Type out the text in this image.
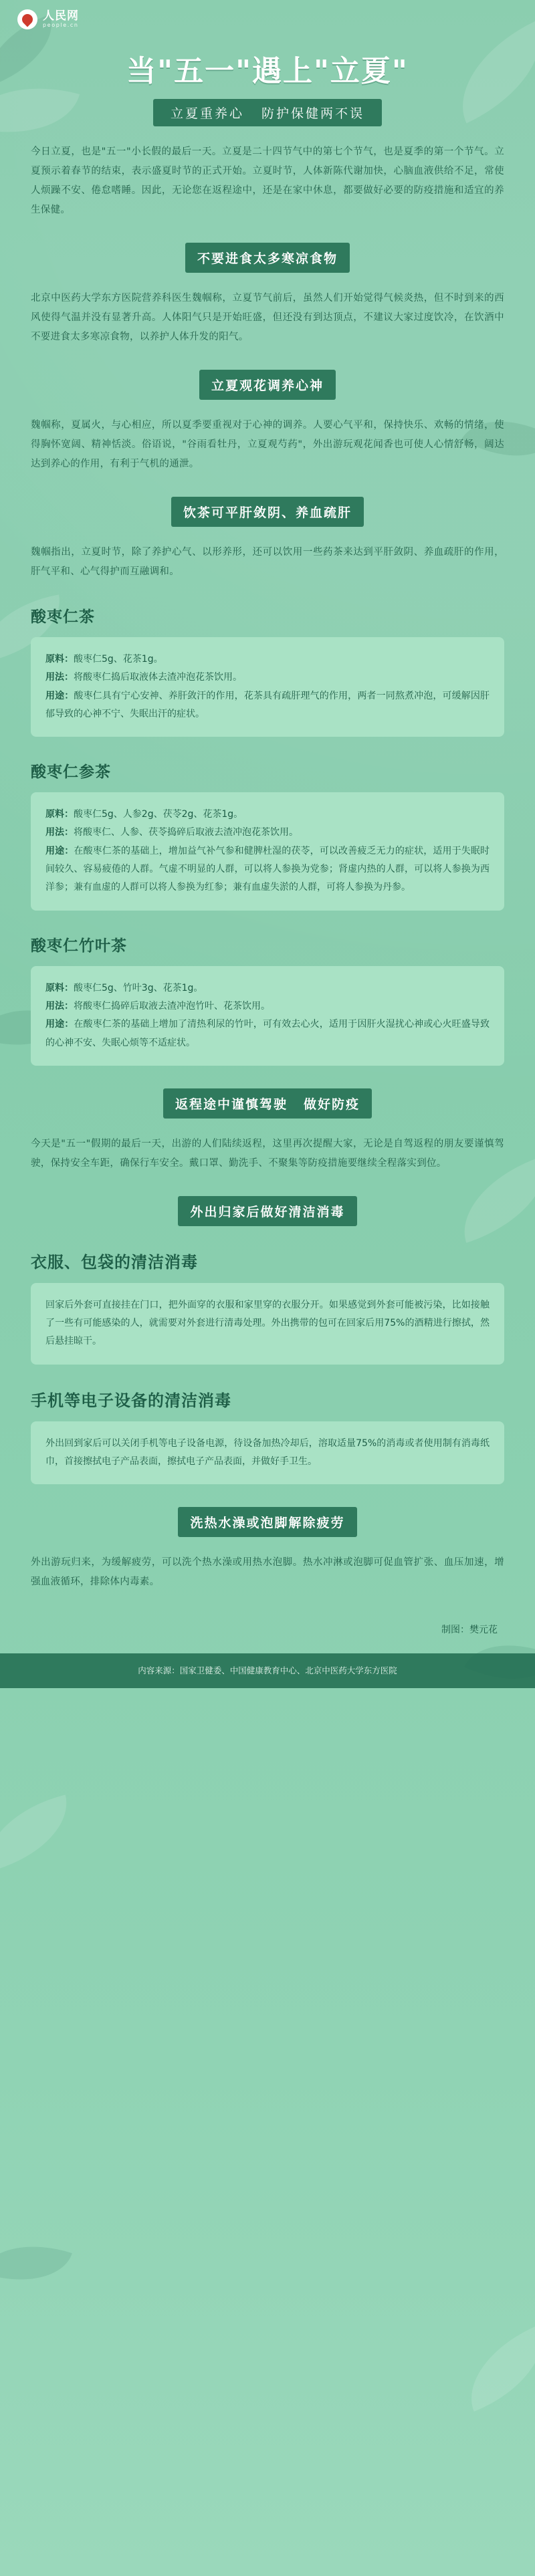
人民网
people.cn
当"五一"遇上"立夏"
立夏重养心 防护保健两不误

今日立夏，也是"五一"小长假的最后一天。立夏是二十四节气中的第七个节气，也是夏季的第一个节气。立夏预示着春节的结束，表示盛夏时节的正式开始。立夏时节，人体新陈代谢加快，心脑血液供给不足，常使人烦躁不安、倦怠嗜睡。因此，无论您在返程途中，还是在家中休息，都要做好必要的防疫措施和适宜的养生保健。

不要进食太多寒凉食物

北京中医药大学东方医院营养科医生魏帼称，立夏节气前后，虽然人们开始觉得气候炎热，但不时到来的西风使得气温并没有显著升高。人体阳气只是开始旺盛，但还没有到达顶点，不建议大家过度饮冷，在饮酒中不要进食太多寒凉食物，以养护人体升发的阳气。

立夏观花调养心神

魏帼称，夏属火，与心相应，所以夏季要重视对于心神的调养。人要心气平和，保持快乐、欢畅的情绪，使得胸怀宽阔、精神恬淡。俗语说，"谷雨看牡丹，立夏观芍药"，外出游玩观花闻香也可使人心情舒畅，阔达达到养心的作用，有利于气机的通泄。

饮茶可平肝敛阴、养血疏肝

魏帼指出，立夏时节，除了养护心气、以形养形，还可以饮用一些药茶来达到平肝敛阴、养血疏肝的作用，肝气平和、心气得护而互融调和。

酸枣仁茶
原料：酸枣仁5g、花茶1g。
用法：将酸枣仁捣后取液体去渣冲泡花茶饮用。
用途：酸枣仁具有宁心安神、养肝敛汗的作用，花茶具有疏肝理气的作用，两者一同熬煮冲泡，可缓解因肝郁导致的心神不宁、失眠出汗的症状。
酸枣仁参茶
原料：酸枣仁5g、人参2g、茯苓2g、花茶1g。
用法：将酸枣仁、人参、茯苓捣碎后取液去渣冲泡花茶饮用。
用途：在酸枣仁茶的基础上，增加益气补气参和健脾杜湿的茯苓，可以改善疲乏无力的症状，适用于失眠时间较久、容易疲倦的人群。气虚不明显的人群，可以将人参换为党参；肾虚内热的人群，可以将人参换为西洋参；兼有血虚的人群可以将人参换为红参；兼有血虚失淤的人群，可将人参换为丹参。
酸枣仁竹叶茶
原料：酸枣仁5g、竹叶3g、花茶1g。
用法：将酸枣仁捣碎后取液去渣冲泡竹叶、花茶饮用。
用途：在酸枣仁茶的基础上增加了清热利尿的竹叶，可有效去心火，适用于因肝火湿扰心神或心火旺盛导致的心神不安、失眠心烦等不适症状。
返程途中谨慎驾驶 做好防疫

今天是"五一"假期的最后一天，出游的人们陆续返程，这里再次提醒大家，无论是自驾返程的朋友要谨慎驾驶，保持安全车距，确保行车安全。戴口罩、勤洗手、不聚集等防疫措施要继续全程落实到位。

外出归家后做好清洁消毒
衣服、包袋的清洁消毒
回家后外套可直接挂在门口，把外面穿的衣服和家里穿的衣服分开。如果感觉到外套可能被污染，比如接触了一些有可能感染的人，就需要对外套进行清毒处理。外出携带的包可在回家后用75%的酒精进行擦拭，然后悬挂晾干。
手机等电子设备的清洁消毒
外出回到家后可以关闭手机等电子设备电源，待设备加热冷却后，溶取适量75%的消毒或者使用制有消毒纸巾，首接擦拭电子产品表面，擦拭电子产品表面，并做好手卫生。
洗热水澡或泡脚解除疲劳

外出游玩归来，为缓解疲劳，可以洗个热水澡或用热水泡脚。热水冲淋或泡脚可促血管扩张、血压加速，增强血液循环，排除体内毒素。

制图：樊元花
内容来源：国家卫健委、中国健康教育中心、北京中医药大学东方医院
